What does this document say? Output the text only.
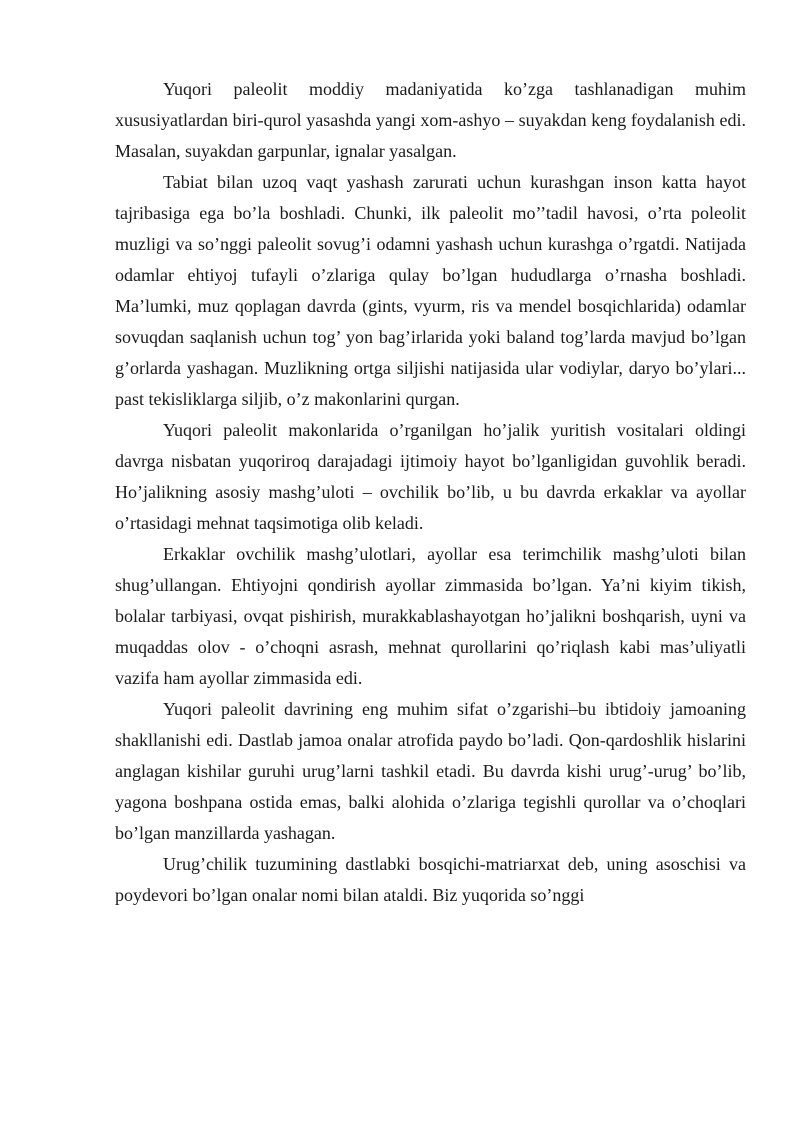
Yuqori paleolit moddiy madaniyatida ko’zga tashlanadigan muhim xususiyatlardan biri-qurol yasashda yangi xom-ashyo – suyakdan keng foydalanish edi. Masalan, suyakdan garpunlar, ignalar yasalgan.

Tabiat bilan uzoq vaqt yashash zarurati uchun kurashgan inson katta hayot tajribasiga ega bo’la boshladi. Chunki, ilk paleolit mo’’tadil havosi, o’rta poleolit muzligi va so’nggi paleolit sovug’i odamni yashash uchun kurashga o’rgatdi. Natijada odamlar ehtiyoj tufayli o’zlariga qulay bo’lgan hududlarga o’rnasha boshladi. Ma’lumki, muz qoplagan davrda (gints, vyurm, ris va mendel bosqichlarida) odamlar sovuqdan saqlanish uchun tog’ yon bag’irlarida yoki baland tog’larda mavjud bo’lgan g’orlarda yashagan. Muzlikning ortga siljishi natijasida ular vodiylar, daryo bo’ylari... past tekisliklarga siljib, o’z makonlarini qurgan.

Yuqori paleolit makonlarida o’rganilgan ho’jalik yuritish vositalari oldingi davrga nisbatan yuqoriroq darajadagi ijtimoiy hayot bo’lganligidan guvohlik beradi. Ho’jalikning asosiy mashg’uloti – ovchilik bo’lib, u bu davrda erkaklar va ayollar o’rtasidagi mehnat taqsimotiga olib keladi.

Erkaklar ovchilik mashg’ulotlari, ayollar esa terimchilik mashg’uloti bilan shug’ullangan. Ehtiyojni qondirish ayollar zimmasida bo’lgan. Ya’ni kiyim tikish, bolalar tarbiyasi, ovqat pishirish, murakkablashayotgan ho’jalikni boshqarish, uyni va muqaddas olov - o’choqni asrash, mehnat qurollarini qo’riqlash kabi mas’uliyatli vazifa ham ayollar zimmasida edi.

Yuqori paleolit davrining eng muhim sifat o’zgarishi–bu ibtidoiy jamoaning shakllanishi edi. Dastlab jamoa onalar atrofida paydo bo’ladi. Qon-qardoshlik hislarini anglagan kishilar guruhi urug’larni tashkil etadi. Bu davrda kishi urug’-urug’ bo’lib, yagona boshpana ostida emas, balki alohida o’zlariga tegishli qurollar va o’choqlari bo’lgan manzillarda yashagan.

Urug’chilik tuzumining dastlabki bosqichi-matriarxat deb, uning asoschisi va poydevori bo’lgan onalar nomi bilan ataldi. Biz yuqorida so’nggi
